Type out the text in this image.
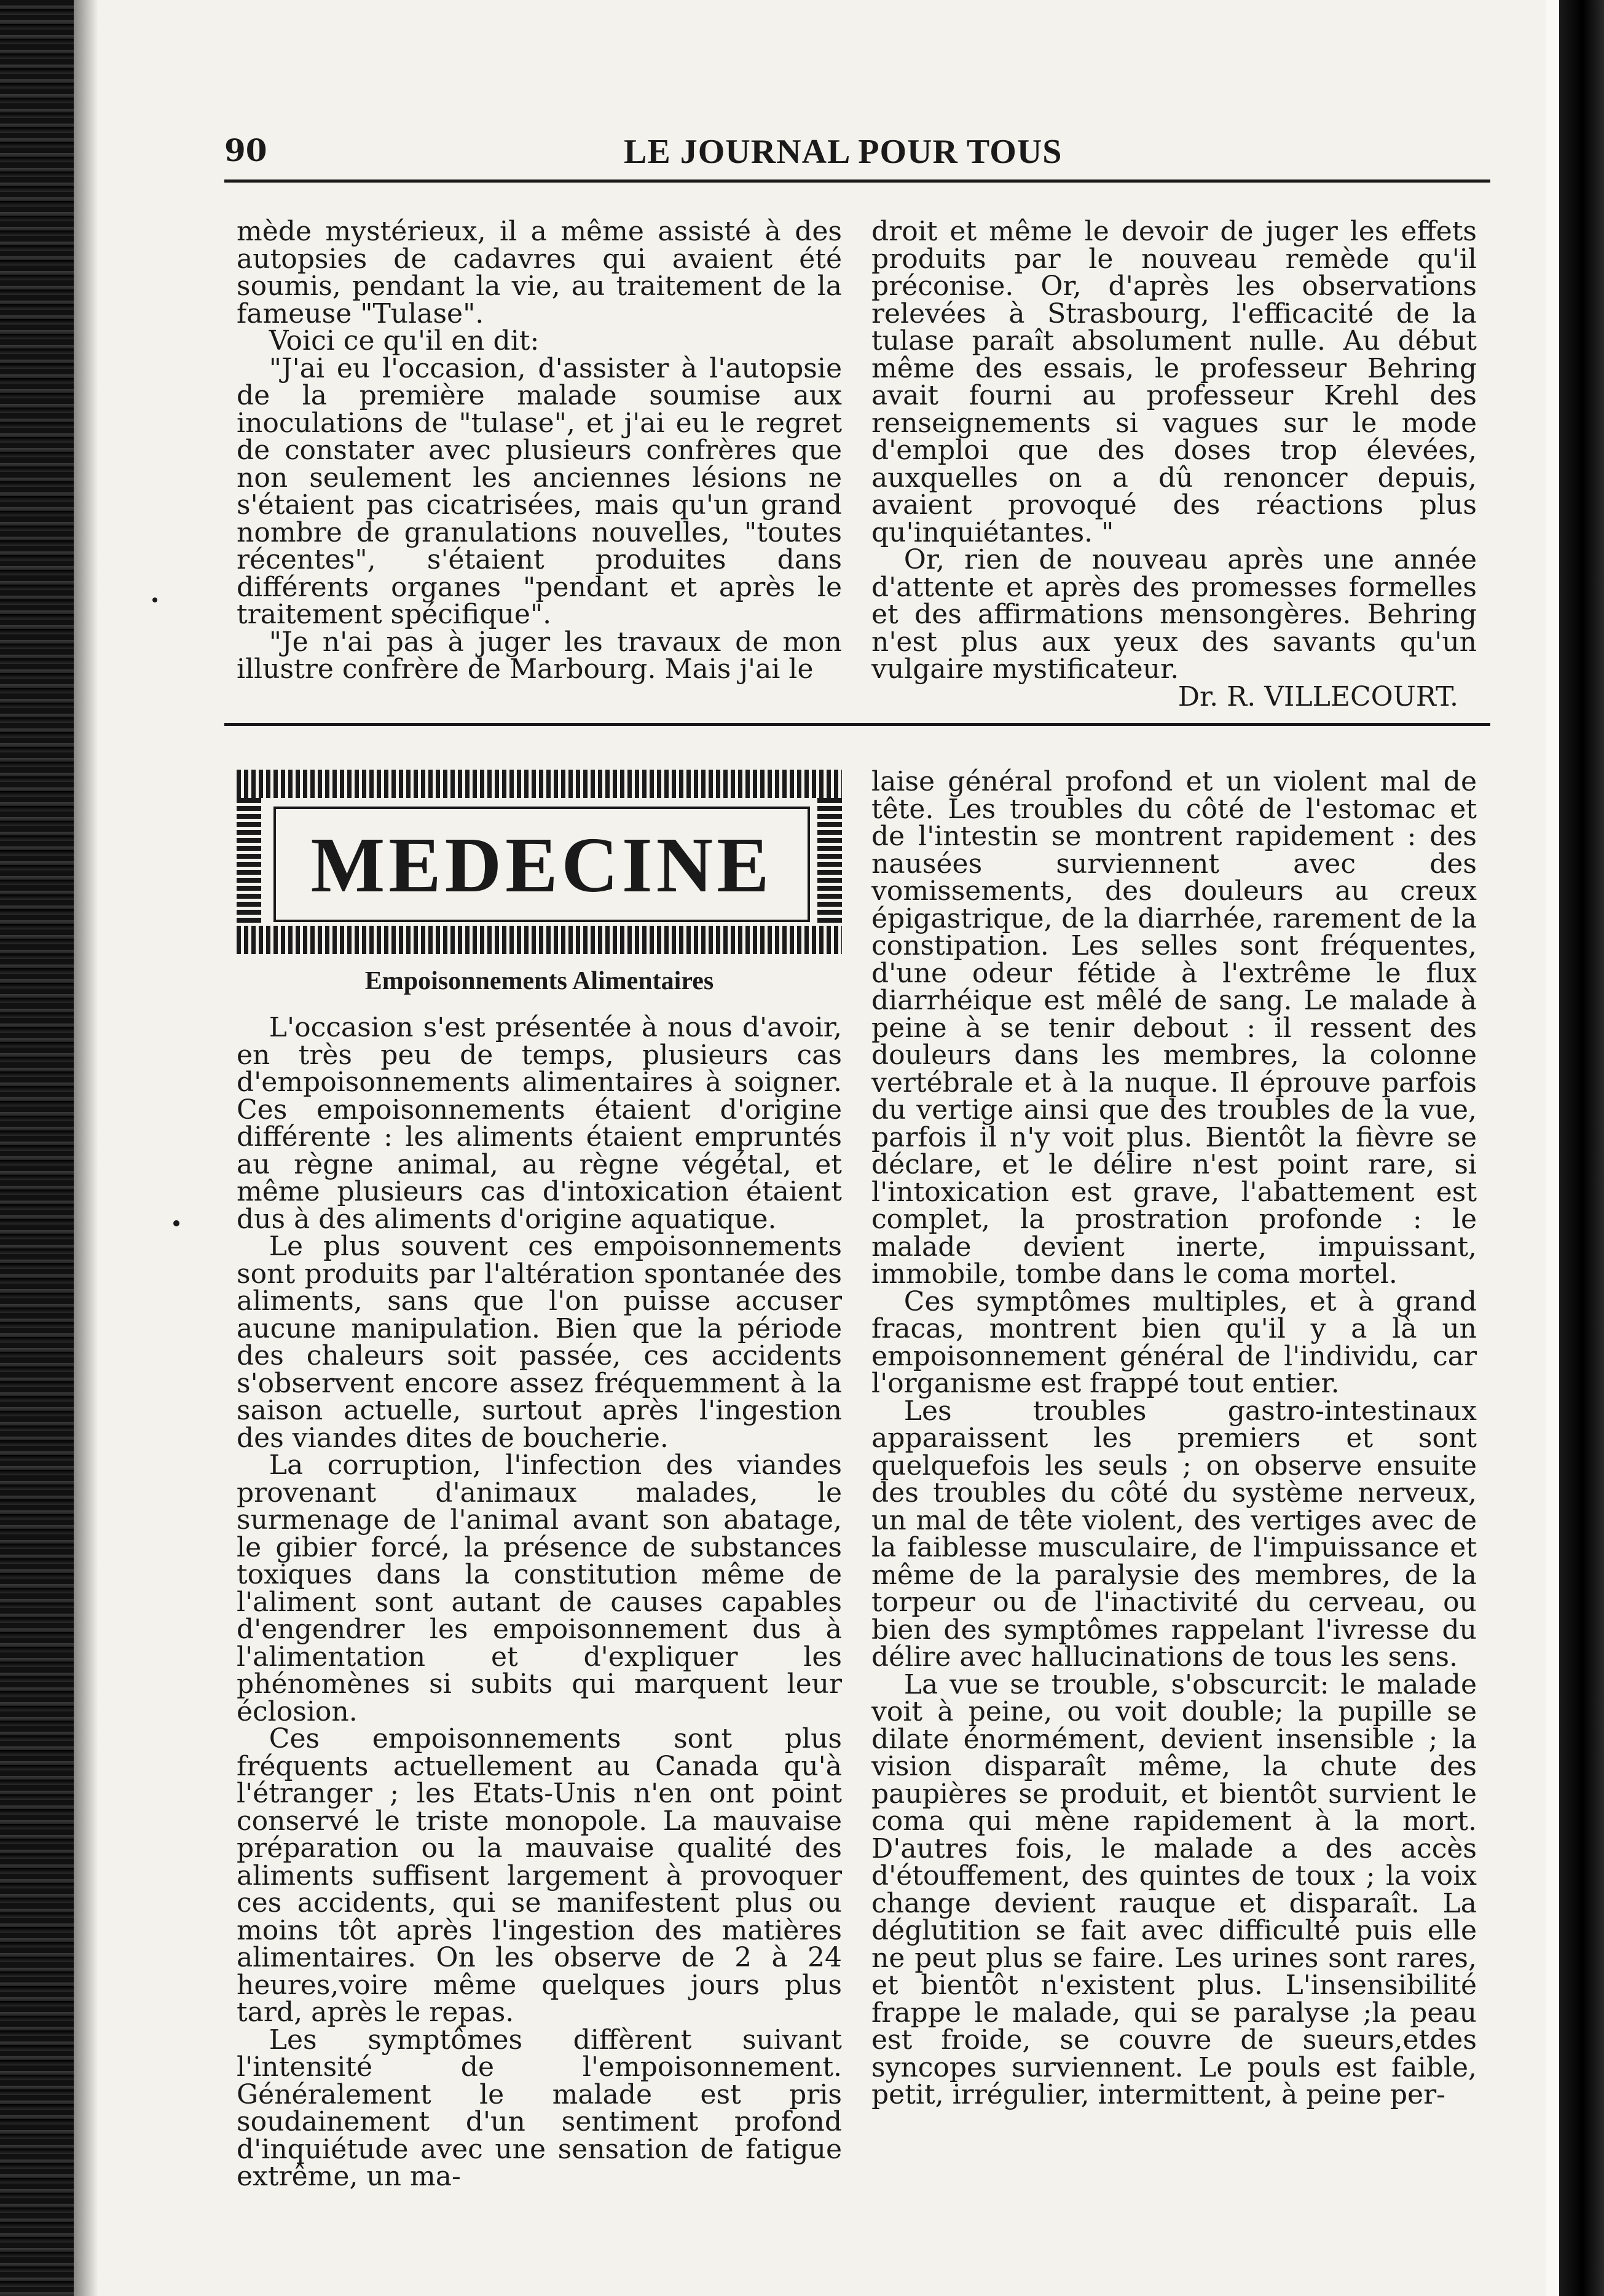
90	LE JOURNAL POUR TOUS

mède mystérieux, il a même assisté à des autopsies de cadavres qui avaient été soumis, pendant la vie, au traitement de la fameuse "Tulase".

Voici ce qu'il en dit:

"J'ai eu l'occasion, d'assister à l'autopsie de la première malade soumise aux inoculations de "tulase", et j'ai eu le regret de constater avec plusieurs confrères que non seulement les anciennes lésions ne s'étaient pas cicatrisées, mais qu'un grand nombre de granulations nouvelles, "toutes récentes", s'étaient produites dans différents organes "pendant et après le traitement spécifique".

"Je n'ai pas à juger les travaux de mon illustre confrère de Marbourg. Mais j'ai le

droit et même le devoir de juger les effets produits par le nouveau remède qu'il préconise. Or, d'après les observations relevées à Strasbourg, l'efficacité de la tulase paraît absolument nulle. Au début même des essais, le professeur Behring avait fourni au professeur Krehl des renseignements si vagues sur le mode d'emploi que des doses trop élevées, auxquelles on a dû renoncer depuis, avaient provoqué des réactions plus qu'inquiétantes. "

Or, rien de nouveau après une année d'attente et après des promesses formelles et des affirmations mensongères. Behring n'est plus aux yeux des savants qu'un vulgaire mystificateur.

Dr. R. VILLECOURT.

MEDECINE
Empoisonnements Alimentaires

L'occasion s'est présentée à nous d'avoir, en très peu de temps, plusieurs cas d'empoisonnements alimentaires à soigner. Ces empoisonnements étaient d'origine différente : les aliments étaient empruntés au règne animal, au règne végétal, et même plusieurs cas d'intoxication étaient dus à des aliments d'origine aquatique.

Le plus souvent ces empoisonnements sont produits par l'altération spontanée des aliments, sans que l'on puisse accuser aucune manipulation. Bien que la période des chaleurs soit passée, ces accidents s'observent encore assez fréquemment à la saison actuelle, surtout après l'ingestion des viandes dites de boucherie.

La corruption, l'infection des viandes provenant d'animaux malades, le surmenage de l'animal avant son abatage, le gibier forcé, la présence de substances toxiques dans la constitution même de l'aliment sont autant de causes capables d'engendrer les empoisonnement dus à l'alimentation et d'expliquer les phénomènes si subits qui marquent leur éclosion.

Ces empoisonnements sont plus fréquents actuellement au Canada qu'à l'étranger ; les Etats-Unis n'en ont point conservé le triste monopole. La mauvaise préparation ou la mauvaise qualité des aliments suffisent largement à provoquer ces accidents, qui se manifestent plus ou moins tôt après l'ingestion des matières alimentaires. On les observe de 2 à 24 heures,voire même quelques jours plus tard, après le repas.

Les symptômes diffèrent suivant l'intensité de l'empoisonnement. Généralement le malade est pris soudainement d'un sentiment profond d'inquiétude avec une sensation de fatigue extrême, un ma-

laise général profond et un violent mal de tête. Les troubles du côté de l'estomac et de l'intestin se montrent rapidement : des nausées surviennent avec des vomissements, des douleurs au creux épigastrique, de la diarrhée, rarement de la constipation. Les selles sont fréquentes, d'une odeur fétide à l'extrême le flux diarrhéique est mêlé de sang. Le malade à peine à se tenir debout : il ressent des douleurs dans les membres, la colonne vertébrale et à la nuque. Il éprouve parfois du vertige ainsi que des troubles de la vue, parfois il n'y voit plus. Bientôt la fièvre se déclare, et le délire n'est point rare, si l'intoxication est grave, l'abattement est complet, la prostration profonde : le malade devient inerte, impuissant, immobile, tombe dans le coma mortel.

Ces symptômes multiples, et à grand fracas, montrent bien qu'il y a là un empoisonnement général de l'individu, car l'organisme est frappé tout entier.

Les troubles gastro-intestinaux apparaissent les premiers et sont quelquefois les seuls ; on observe ensuite des troubles du côté du système nerveux, un mal de tête violent, des vertiges avec de la faiblesse musculaire, de l'impuissance et même de la paralysie des membres, de la torpeur ou de l'inactivité du cerveau, ou bien des symptômes rappelant l'ivresse du délire avec hallucinations de tous les sens.

La vue se trouble, s'obscurcit: le malade voit à peine, ou voit double; la pupille se dilate énormément, devient insensible ; la vision disparaît même, la chute des paupières se produit, et bientôt survient le coma qui mène rapidement à la mort. D'autres fois, le malade a des accès d'étouffement, des quintes de toux ; la voix change devient rauque et disparaît. La déglutition se fait avec difficulté puis elle ne peut plus se faire. Les urines sont rares, et bientôt n'existent plus. L'insensibilité frappe le malade, qui se paralyse ;la peau est froide, se couvre de sueurs,etdes syncopes surviennent. Le pouls est faible, petit, irrégulier, intermittent, à peine per-
